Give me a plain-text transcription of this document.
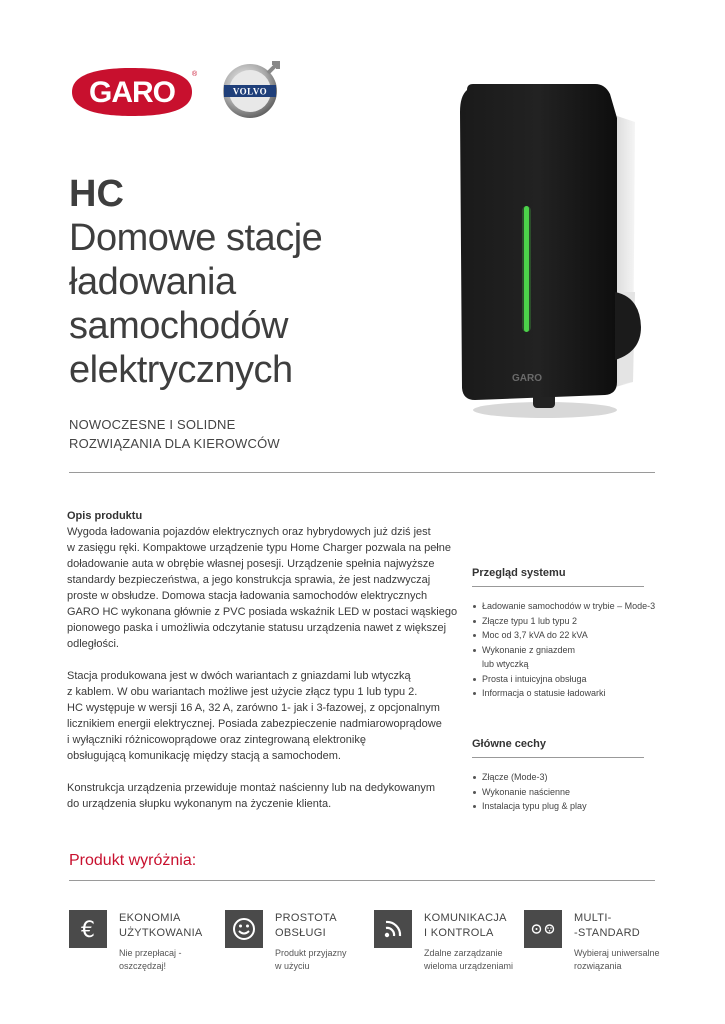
GARO
®
VOLVO
HC
Domowe stacje
ładowania
samochodów
elektrycznych
NOWOCZESNE I SOLIDNE
ROZWIĄZANIA DLA KIEROWCÓW
GARO
Opis produktu

Wygoda ładowania pojazdów elektrycznych oraz hybrydowych już dziś jest
w zasięgu ręki. Kompaktowe urządzenie typu Home Charger pozwala na pełne
doładowanie auta w obrębie własnej posesji. Urządzenie spełnia najwyższe
standardy bezpieczeństwa, a jego konstrukcja sprawia, że jest nadzwyczaj
proste w obsłudze. Domowa stacja ładowania samochodów elektrycznych
GARO HC wykonana głównie z PVC posiada wskaźnik LED w postaci wąskiego
pionowego paska i umożliwia odczytanie statusu urządzenia nawet z większej
odległości.

Stacja produkowana jest w dwóch wariantach z gniazdami lub wtyczką
z kablem. W obu wariantach możliwe jest użycie złącz typu 1 lub typu 2.
HC występuje w wersji 16 A, 32 A, zarówno 1- jak i 3-fazowej, z opcjonalnym
licznikiem energii elektrycznej. Posiada zabezpieczenie nadmiarowoprądowe
i wyłączniki różnicowoprądowe oraz zintegrowaną elektronikę
obsługującą komunikację między stacją a samochodem.

Konstrukcja urządzenia przewiduje montaż naścienny lub na dedykowanym
do urządzenia słupku wykonanym na życzenie klienta.

Przegląd systemu
Ładowanie samochodów w trybie – Mode-3
Złącze typu 1 lub typu 2
Moc od 3,7 kVA do 22 kVA
Wykonanie z gniazdem
lub wtyczką
Prosta i intuicyjna obsługa
Informacja o statusie ładowarki
Główne cechy
Złącze (Mode-3)
Wykonanie naścienne
Instalacja typu plug & play
Produkt wyróżnia:
€ EKONOMIA
UŻYTKOWANIA
Nie przepłacaj -
oszczędzaj!
PROSTOTA
OBSŁUGI
Produkt przyjazny
w użyciu
KOMUNIKACJA
I KONTROLA
Zdalne zarządzanie
wieloma urządzeniami
MULTI-
-STANDARD
Wybieraj uniwersalne
rozwiązania
